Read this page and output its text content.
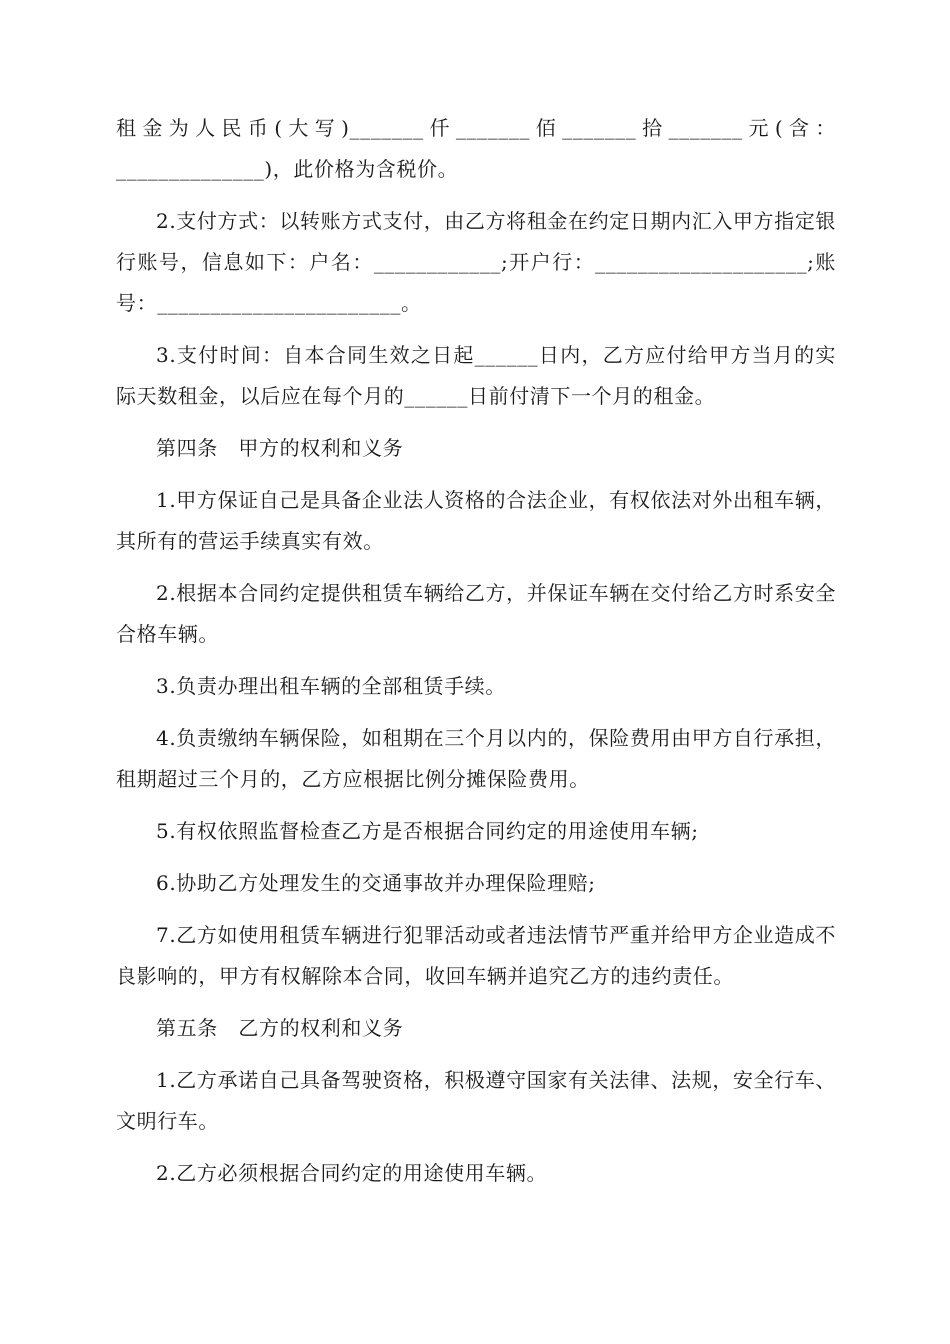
租金为人民币(大写)_______仟_______佰_______拾_______元(含：______________)，此价格为含税价。

2.支付方式：以转账方式支付，由乙方将租金在约定日期内汇入甲方指定银行账号，信息如下：户名：____________;开户行：____________________;账号：_______________________。

3.支付时间：自本合同生效之日起______日内，乙方应付给甲方当月的实际天数租金，以后应在每个月的______日前付清下一个月的租金。

第四条　甲方的权利和义务

1.甲方保证自己是具备企业法人资格的合法企业，有权依法对外出租车辆，其所有的营运手续真实有效。

2.根据本合同约定提供租赁车辆给乙方，并保证车辆在交付给乙方时系安全合格车辆。

3.负责办理出租车辆的全部租赁手续。

4.负责缴纳车辆保险，如租期在三个月以内的，保险费用由甲方自行承担，租期超过三个月的，乙方应根据比例分摊保险费用。

5.有权依照监督检查乙方是否根据合同约定的用途使用车辆;

6.协助乙方处理发生的交通事故并办理保险理赔;

7.乙方如使用租赁车辆进行犯罪活动或者违法情节严重并给甲方企业造成不良影响的，甲方有权解除本合同，收回车辆并追究乙方的违约责任。

第五条　乙方的权利和义务

1.乙方承诺自己具备驾驶资格，积极遵守国家有关法律、法规，安全行车、文明行车。

2.乙方必须根据合同约定的用途使用车辆。
